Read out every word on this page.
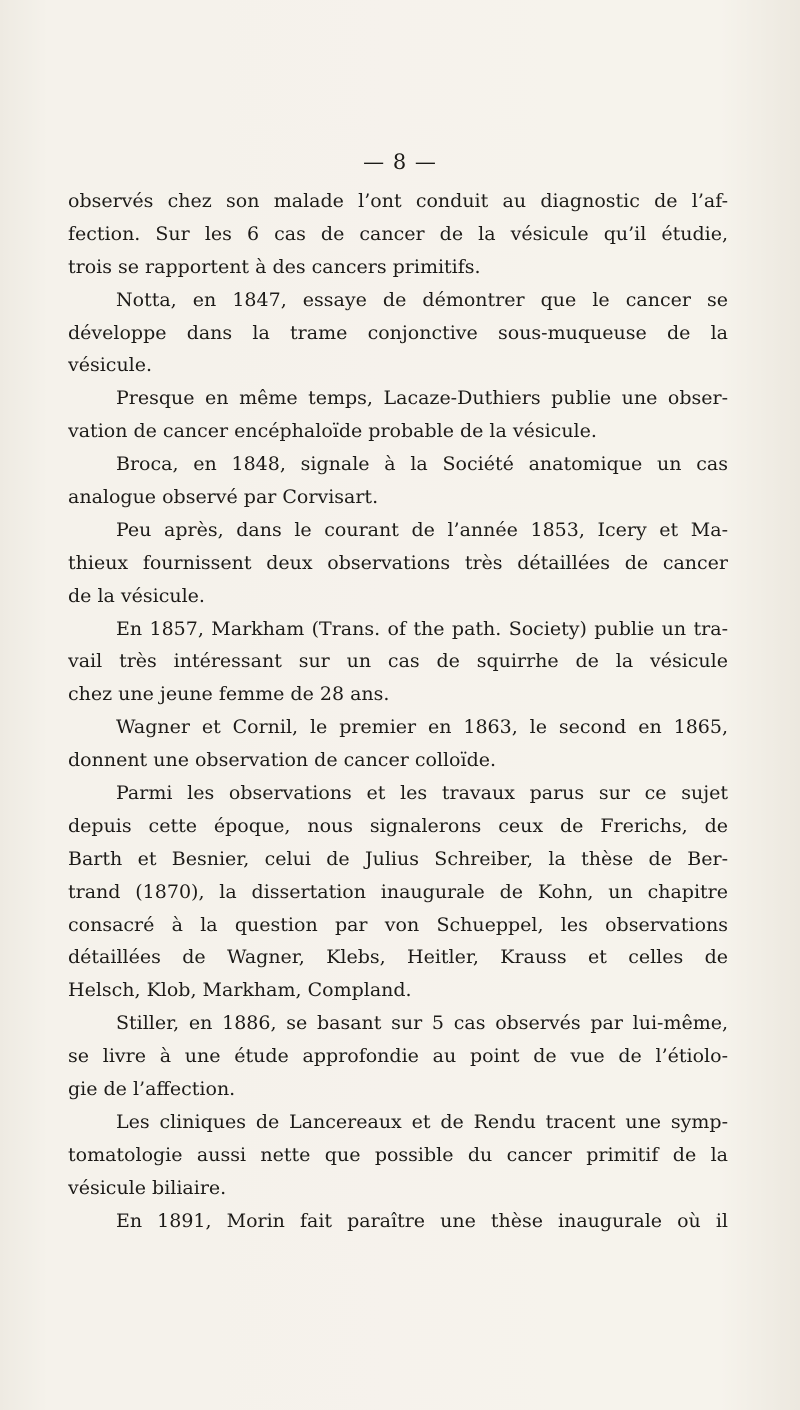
— 8 —
observés chez son malade l’ont conduit au diagnostic de l’af-
fection. Sur les 6 cas de cancer de la vésicule qu’il étudie,
trois se rapportent à des cancers primitifs.
Notta, en 1847, essaye de démontrer que le cancer se
développe dans la trame conjonctive sous-muqueuse de la
vésicule.
Presque en même temps, Lacaze-Duthiers publie une obser-
vation de cancer encéphaloïde probable de la vésicule.
Broca, en 1848, signale à la Société anatomique un cas
analogue observé par Corvisart.
Peu après, dans le courant de l’année 1853, Icery et Ma-
thieux fournissent deux observations très détaillées de cancer
de la vésicule.
En 1857, Markham (Trans. of the path. Society) publie un tra-
vail très intéressant sur un cas de squirrhe de la vésicule
chez une jeune femme de 28 ans.
Wagner et Cornil, le premier en 1863, le second en 1865,
donnent une observation de cancer colloïde.
Parmi les observations et les travaux parus sur ce sujet
depuis cette époque, nous signalerons ceux de Frerichs, de
Barth et Besnier, celui de Julius Schreiber, la thèse de Ber-
trand (1870), la dissertation inaugurale de Kohn, un chapitre
consacré à la question par von Schueppel, les observations
détaillées de Wagner, Klebs, Heitler, Krauss et celles de
Helsch, Klob, Markham, Compland.
Stiller, en 1886, se basant sur 5 cas observés par lui-même,
se livre à une étude approfondie au point de vue de l’étiolo-
gie de l’affection.
Les cliniques de Lancereaux et de Rendu tracent une symp-
tomatologie aussi nette que possible du cancer primitif de la
vésicule biliaire.
En 1891, Morin fait paraître une thèse inaugurale où il
